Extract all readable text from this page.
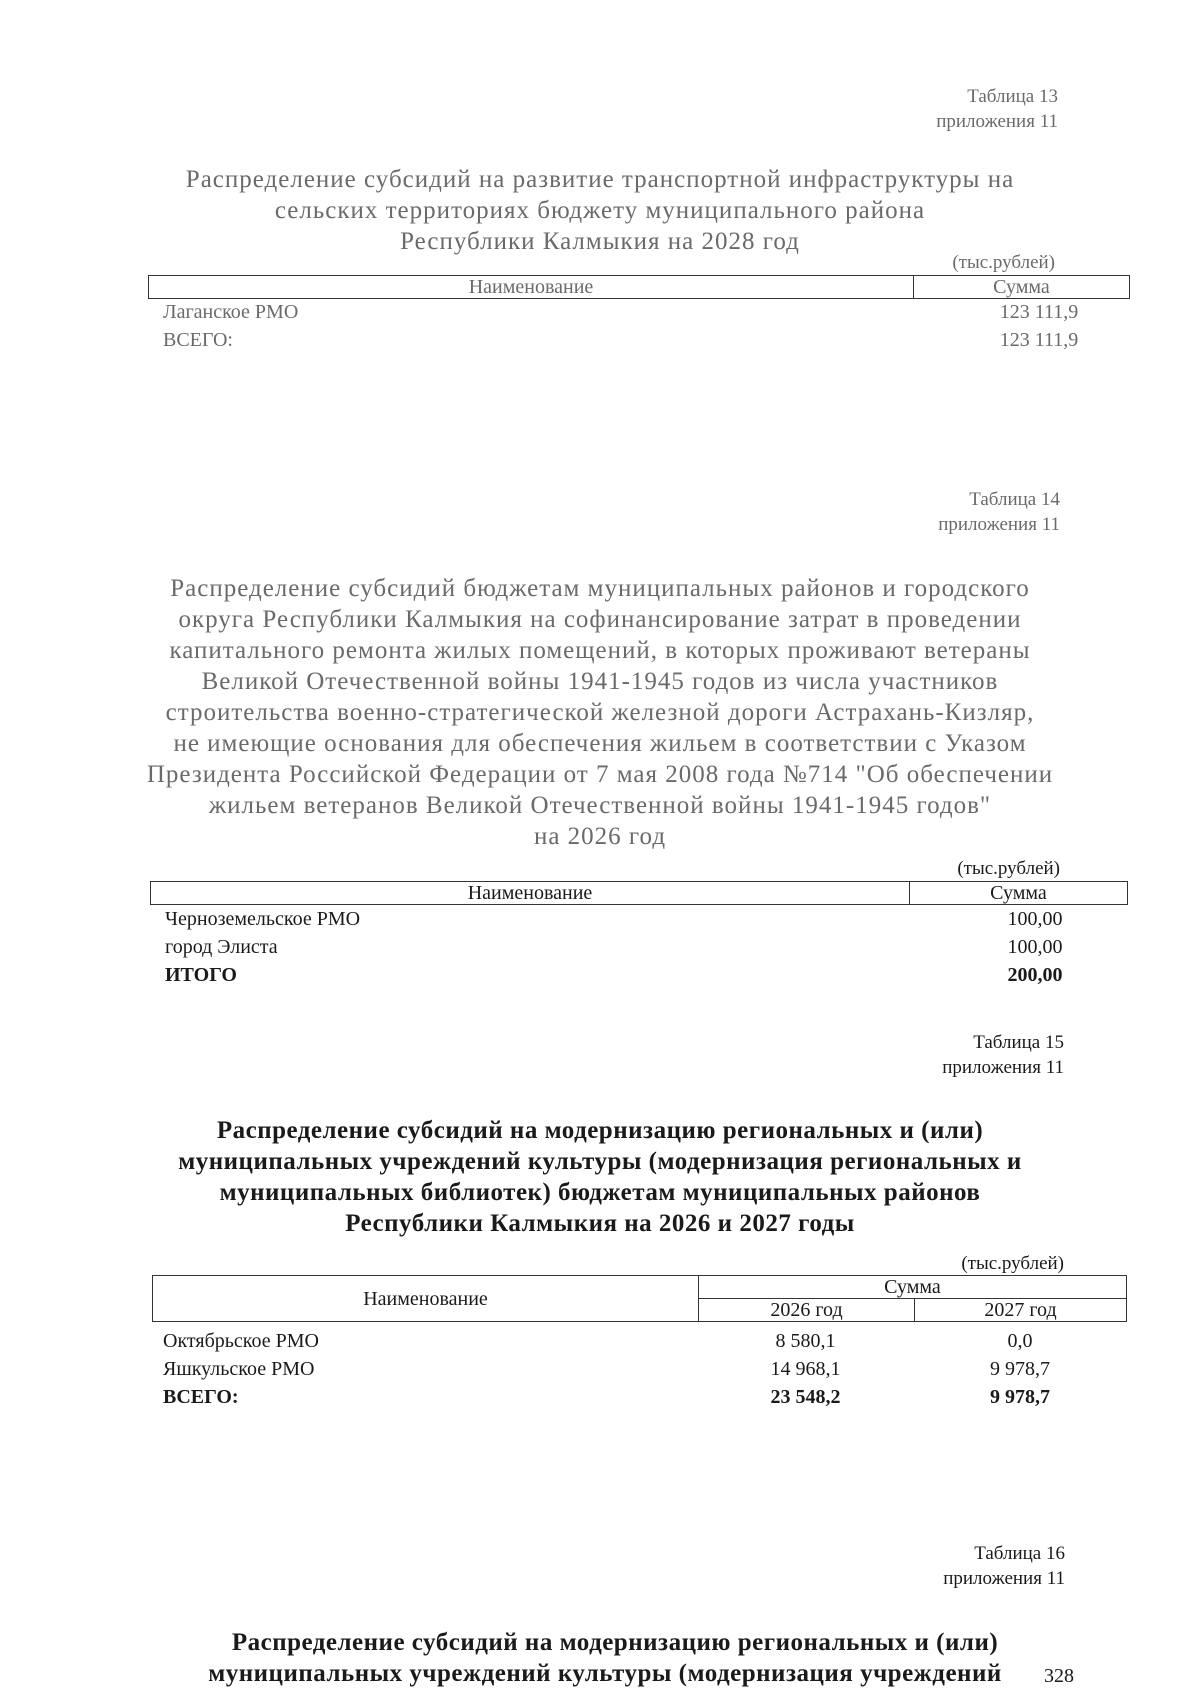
Таблица 13
приложения 11
Распределение субсидий на развитие транспортной инфраструктуры на
сельских территориях бюджету муниципального района
Республики Калмыкия на 2028 год
(тыс.рублей)
Наименование	Сумма
Лаганское РМО	123 111,9
ВСЕГО:	123 111,9
Таблица 14
приложения 11
Распределение субсидий бюджетам муниципальных районов и городского
округа Республики Калмыкия на софинансирование затрат в проведении
капитального ремонта жилых помещений, в которых проживают ветераны
Великой Отечественной войны 1941-1945 годов из числа участников
строительства военно-стратегической железной дороги Астрахань-Кизляр,
не имеющие основания для обеспечения жильем в соответствии с Указом
Президента Российской Федерации от 7 мая 2008 года №714 "Об обеспечении
жильем ветеранов Великой Отечественной войны 1941-1945 годов"
на 2026 год
(тыс.рублей)
Наименование	Сумма
Черноземельское РМО	100,00
город Элиста	100,00
ИТОГО	200,00
Таблица 15
приложения 11
Распределение субсидий на модернизацию региональных и (или)
муниципальных учреждений культуры (модернизация региональных и
муниципальных библиотек) бюджетам муниципальных районов
Республики Калмыкия на 2026 и 2027 годы
(тыс.рублей)
Наименование	Сумма	
	2026 год	2027 год
Октябрьское РМО	8 580,1	0,0
Яшкульское РМО	14 968,1	9 978,7
ВСЕГО:	23 548,2	9 978,7
Таблица 16
приложения 11
Распределение субсидий на модернизацию региональных и (или)
муниципальных учреждений культуры (модернизация учреждений	328
